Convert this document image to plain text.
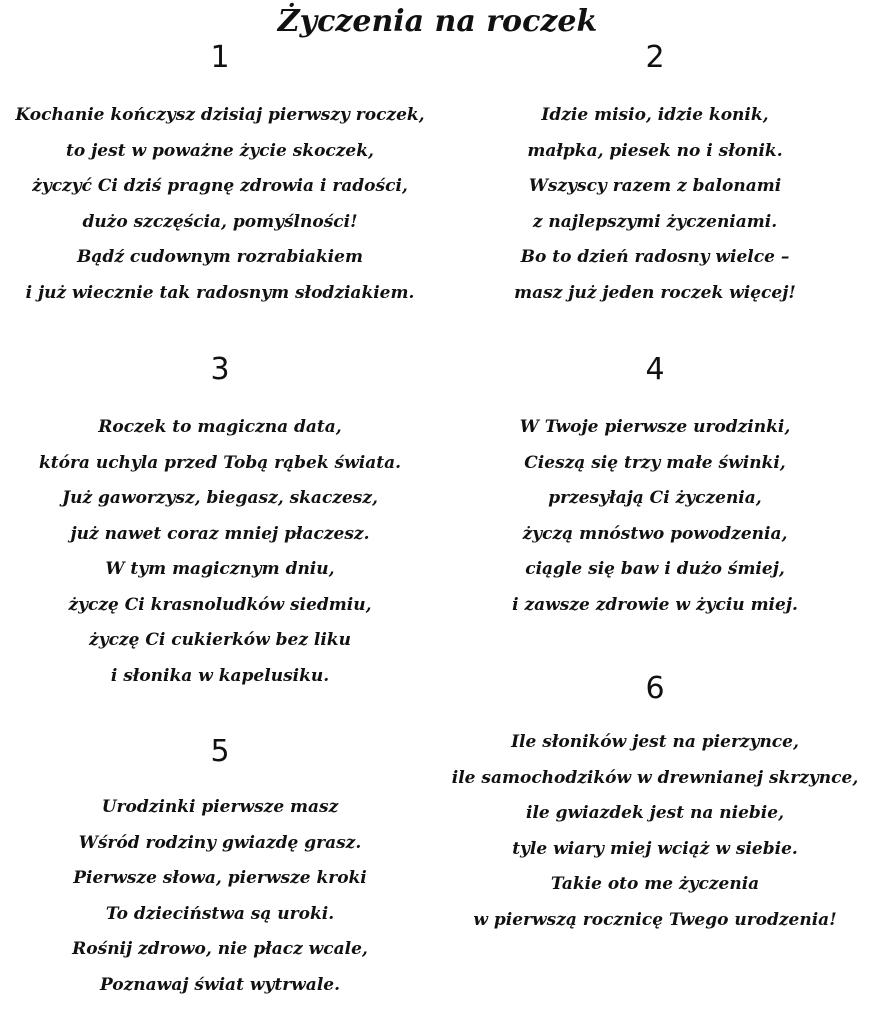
Życzenia na roczek
1
Kochanie kończysz dzisiaj pierwszy roczek,
to jest w poważne życie skoczek,
życzyć Ci dziś pragnę zdrowia i radości,
dużo szczęścia, pomyślności!
Bądź cudownym rozrabiakiem
i już wiecznie tak radosnym słodziakiem.
2
Idzie misio, idzie konik,
małpka, piesek no i słonik.
Wszyscy razem z balonami
z najlepszymi życzeniami.
Bo to dzień radosny wielce –
masz już jeden roczek więcej!
3
Roczek to magiczna data,
która uchyla przed Tobą rąbek świata.
Już gaworzysz, biegasz, skaczesz,
już nawet coraz mniej płaczesz.
W tym magicznym dniu,
życzę Ci krasnoludków siedmiu,
życzę Ci cukierków bez liku
i słonika w kapelusiku.
4
W Twoje pierwsze urodzinki,
Cieszą się trzy małe świnki,
przesyłają Ci życzenia,
życzą mnóstwo powodzenia,
ciągle się baw i dużo śmiej,
i zawsze zdrowie w życiu miej.
5
Urodzinki pierwsze masz
Wśród rodziny gwiazdę grasz.
Pierwsze słowa, pierwsze kroki
To dzieciństwa są uroki.
Rośnij zdrowo, nie płacz wcale,
Poznawaj świat wytrwale.
6
Ile słoników jest na pierzynce,
ile samochodzików w drewnianej skrzynce,
ile gwiazdek jest na niebie,
tyle wiary miej wciąż w siebie.
Takie oto me życzenia
w pierwszą rocznicę Twego urodzenia!
